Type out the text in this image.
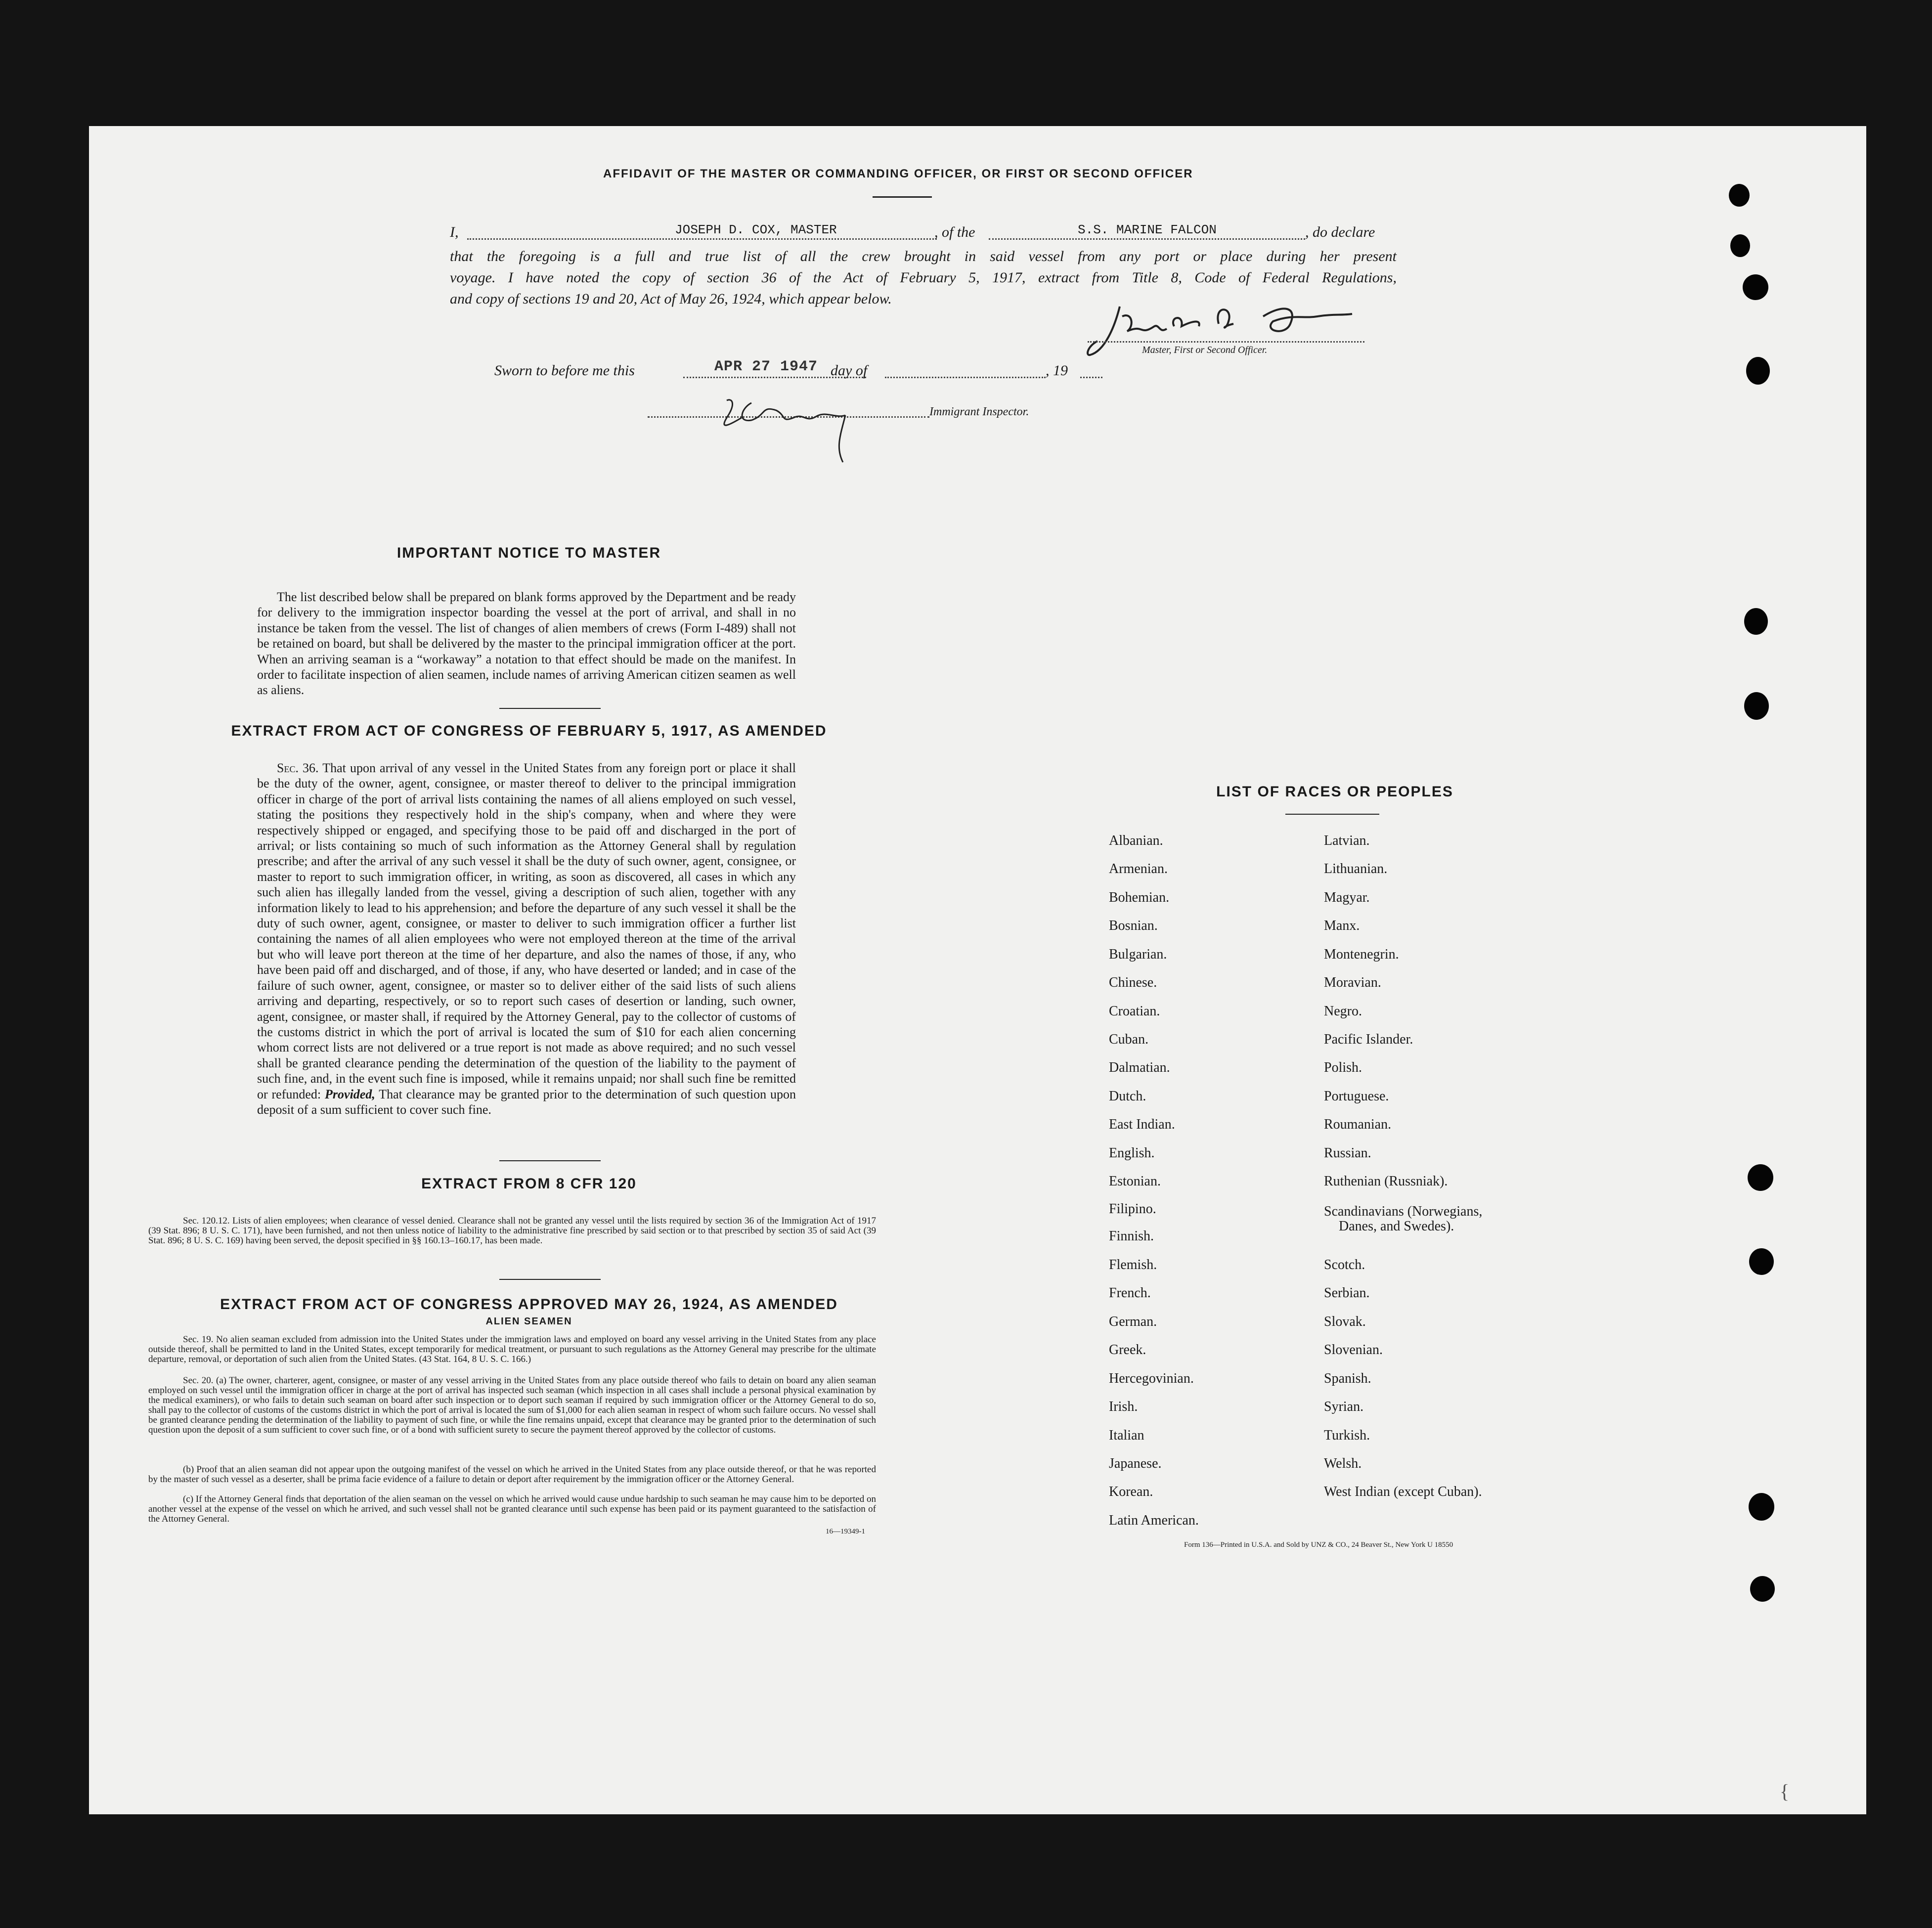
AFFIDAVIT OF THE MASTER OR COMMANDING OFFICER, OR FIRST OR SECOND OFFICER
I,	JOSEPH D. COX, MASTER	, of the	S.S. MARINE FALCON	, do declare
that the foregoing is a full and true list of all the crew brought in said vessel from any port or place during her present
voyage. I have noted the copy of section 36 of the Act of February 5, 1917, extract from Title 8, Code of Federal Regulations,
and copy of sections 19 and 20, Act of May 26, 1924, which appear below.
Master, First or Second Officer.
Sworn to before me this	APR 27 1947 day of	, 19
Immigrant Inspector.
IMPORTANT NOTICE TO MASTER
The list described below shall be prepared on blank forms approved by the Department and be ready for delivery to the immigration inspector boarding the vessel at the port of arrival, and shall in no instance be taken from the vessel. The list of changes of alien members of crews (Form I-489) shall not be retained on board, but shall be delivered by the master to the principal immigration officer at the port. When an arriving seaman is a “workaway” a notation to that effect should be made on the manifest. In order to facilitate inspection of alien seamen, include names of arriving American citizen seamen as well as aliens.
EXTRACT FROM ACT OF CONGRESS OF FEBRUARY 5, 1917, AS AMENDED
Sec. 36. That upon arrival of any vessel in the United States from any foreign port or place it shall be the duty of the owner, agent, consignee, or master thereof to deliver to the principal immigration officer in charge of the port of arrival lists containing the names of all aliens employed on such vessel, stating the positions they respectively hold in the ship's company, when and where they were respectively shipped or engaged, and specifying those to be paid off and discharged in the port of arrival; or lists containing so much of such information as the Attorney General shall by regulation prescribe; and after the arrival of any such vessel it shall be the duty of such owner, agent, consignee, or master to report to such immigration officer, in writing, as soon as discovered, all cases in which any such alien has illegally landed from the vessel, giving a description of such alien, together with any information likely to lead to his apprehension; and before the departure of any such vessel it shall be the duty of such owner, agent, consignee, or master to deliver to such immigration officer a further list containing the names of all alien employees who were not employed thereon at the time of the arrival but who will leave port thereon at the time of her departure, and also the names of those, if any, who have been paid off and discharged, and of those, if any, who have deserted or landed; and in case of the failure of such owner, agent, consignee, or master so to deliver either of the said lists of such aliens arriving and departing, respectively, or so to report such cases of desertion or landing, such owner, agent, consignee, or master shall, if required by the Attorney General, pay to the collector of customs of the customs district in which the port of arrival is located the sum of $10 for each alien concerning whom correct lists are not delivered or a true report is not made as above required; and no such vessel shall be granted clearance pending the determination of the question of the liability to the payment of such fine, and, in the event such fine is imposed, while it remains unpaid; nor shall such fine be remitted or refunded: Provided, That clearance may be granted prior to the determination of such question upon deposit of a sum sufficient to cover such fine.
EXTRACT FROM 8 CFR 120
Sec. 120.12. Lists of alien employees; when clearance of vessel denied. Clearance shall not be granted any vessel until the lists required by section 36 of the Immigration Act of 1917 (39 Stat. 896; 8 U. S. C. 171), have been furnished, and not then unless notice of liability to the administrative fine prescribed by said section or to that prescribed by section 35 of said Act (39 Stat. 896; 8 U. S. C. 169) having been served, the deposit specified in §§ 160.13–160.17, has been made.
EXTRACT FROM ACT OF CONGRESS APPROVED MAY 26, 1924, AS AMENDED
ALIEN SEAMEN
Sec. 19. No alien seaman excluded from admission into the United States under the immigration laws and employed on board any vessel arriving in the United States from any place outside thereof, shall be permitted to land in the United States, except temporarily for medical treatment, or pursuant to such regulations as the Attorney General may prescribe for the ultimate departure, removal, or deportation of such alien from the United States. (43 Stat. 164, 8 U. S. C. 166.)
Sec. 20. (a) The owner, charterer, agent, consignee, or master of any vessel arriving in the United States from any place outside thereof who fails to detain on board any alien seaman employed on such vessel until the immigration officer in charge at the port of arrival has inspected such seaman (which inspection in all cases shall include a personal physical examination by the medical examiners), or who fails to detain such seaman on board after such inspection or to deport such seaman if required by such immigration officer or the Attorney General to do so, shall pay to the collector of customs of the customs district in which the port of arrival is located the sum of $1,000 for each alien seaman in respect of whom such failure occurs. No vessel shall be granted clearance pending the determination of the liability to payment of such fine, or while the fine remains unpaid, except that clearance may be granted prior to the determination of such question upon the deposit of a sum sufficient to cover such fine, or of a bond with sufficient surety to secure the payment thereof approved by the collector of customs.
(b) Proof that an alien seaman did not appear upon the outgoing manifest of the vessel on which he arrived in the United States from any place outside thereof, or that he was reported by the master of such vessel as a deserter, shall be prima facie evidence of a failure to detain or deport after requirement by the immigration officer or the Attorney General.
(c) If the Attorney General finds that deportation of the alien seaman on the vessel on which he arrived would cause undue hardship to such seaman he may cause him to be deported on another vessel at the expense of the vessel on which he arrived, and such vessel shall not be granted clearance until such expense has been paid or its payment guaranteed to the satisfaction of the Attorney General.
16—19349-1
LIST OF RACES OR PEOPLES
Albanian.
Armenian.
Bohemian.
Bosnian.
Bulgarian.
Chinese.
Croatian.
Cuban.
Dalmatian.
Dutch.
East Indian.
English.
Estonian.
Filipino.
Finnish.
Flemish.
French.
German.
Greek.
Hercegovinian.
Irish.
Italian
Japanese.
Korean.
Latin American.
Latvian.
Lithuanian.
Magyar.
Manx.
Montenegrin.
Moravian.
Negro.
Pacific Islander.
Polish.
Portuguese.
Roumanian.
Russian.
Ruthenian (Russniak).
Scandinavians (Norwegians,
Danes, and Swedes).
Scotch.
Serbian.
Slovak.
Slovenian.
Spanish.
Syrian.
Turkish.
Welsh.
West Indian (except Cuban).
Form 136—Printed in U.S.A. and Sold by UNZ & CO., 24 Beaver St., New York U 18550
{
